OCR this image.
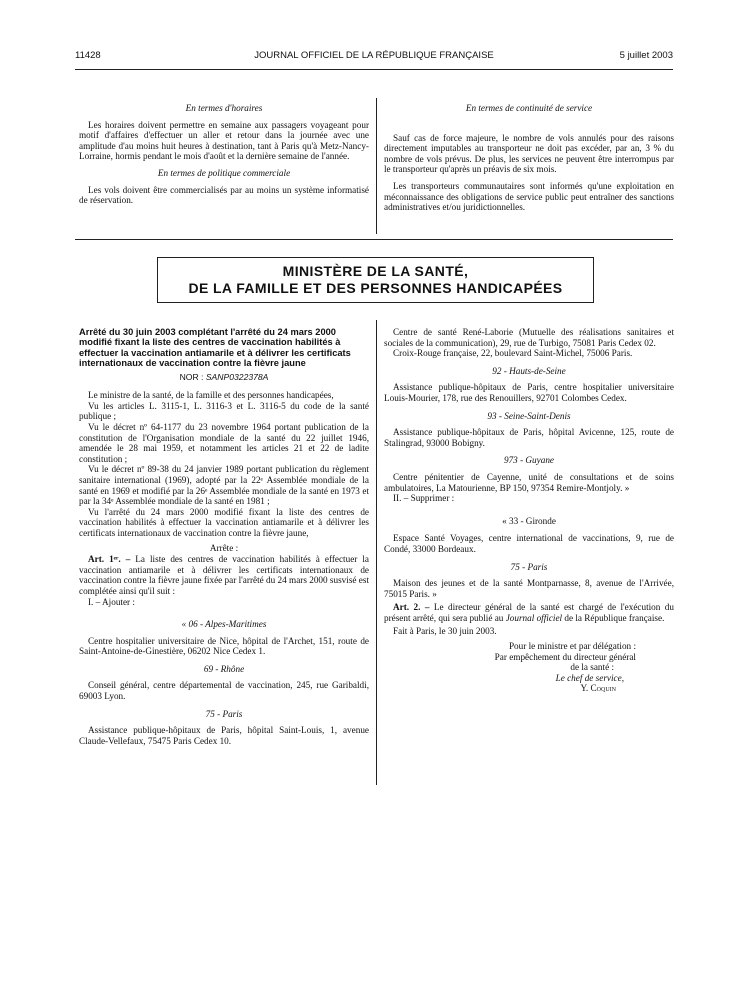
11428	JOURNAL OFFICIEL DE LA RÉPUBLIQUE FRANÇAISE	5 juillet 2003
En termes d'horaires

Les horaires doivent permettre en semaine aux passagers voyageant pour motif d'affaires d'effectuer un aller et retour dans la journée avec une amplitude d'au moins huit heures à destination, tant à Paris qu'à Metz-Nancy-Lorraine, hormis pendant le mois d'août et la dernière semaine de l'année.

En termes de politique commerciale

Les vols doivent être commercialisés par au moins un système informatisé de réservation.

En termes de continuité de service

Sauf cas de force majeure, le nombre de vols annulés pour des raisons directement imputables au transporteur ne doit pas excéder, par an, 3 % du nombre de vols prévus. De plus, les services ne peuvent être interrompus par le transporteur qu'après un préavis de six mois.

Les transporteurs communautaires sont informés qu'une exploitation en méconnaissance des obligations de service public peut entraîner des sanctions administratives et/ou juridictionnelles.

MINISTÈRE DE LA SANTÉ,
DE LA FAMILLE ET DES PERSONNES HANDICAPÉES
Arrêté du 30 juin 2003 complétant l'arrêté du 24 mars 2000 modifié fixant la liste des centres de vaccination habilités à effectuer la vaccination antiamarile et à délivrer les certificats internationaux de vaccination contre la fièvre jaune
NOR : SANP0322378A

Le ministre de la santé, de la famille et des personnes handicapées,

Vu les articles L. 3115-1, L. 3116-3 et L. 3116-5 du code de la santé publique ;

Vu le décret nº 64-1177 du 23 novembre 1964 portant publication de la constitution de l'Organisation mondiale de la santé du 22 juillet 1946, amendée le 28 mai 1959, et notamment les articles 21 et 22 de ladite constitution ;

Vu le décret nº 89-38 du 24 janvier 1989 portant publication du règlement sanitaire international (1969), adopté par la 22ᵉ Assemblée mondiale de la santé en 1969 et modifié par la 26ᵉ Assemblée mondiale de la santé en 1973 et par la 34ᵉ Assemblée mondiale de la santé en 1981 ;

Vu l'arrêté du 24 mars 2000 modifié fixant la liste des centres de vaccination habilités à effectuer la vaccination antiamarile et à délivrer les certificats internationaux de vaccination contre la fièvre jaune,

Arrête :

Art. 1ᵉʳ. – La liste des centres de vaccination habilités à effectuer la vaccination antiamarile et à délivrer les certificats internationaux de vaccination contre la fièvre jaune fixée par l'arrêté du 24 mars 2000 susvisé est complétée ainsi qu'il suit :

I. – Ajouter :

« 06 - Alpes-Maritimes

Centre hospitalier universitaire de Nice, hôpital de l'Archet, 151, route de Saint-Antoine-de-Ginestière, 06202 Nice Cedex 1.

69 - Rhône

Conseil général, centre départemental de vaccination, 245, rue Garibaldi, 69003 Lyon.

75 - Paris

Assistance publique-hôpitaux de Paris, hôpital Saint-Louis, 1, avenue Claude-Vellefaux, 75475 Paris Cedex 10.

Centre de santé René-Laborie (Mutuelle des réalisations sanitaires et sociales de la communication), 29, rue de Turbigo, 75081 Paris Cedex 02.

Croix-Rouge française, 22, boulevard Saint-Michel, 75006 Paris.

92 - Hauts-de-Seine

Assistance publique-hôpitaux de Paris, centre hospitalier universitaire Louis-Mourier, 178, rue des Renouillers, 92701 Colombes Cedex.

93 - Seine-Saint-Denis

Assistance publique-hôpitaux de Paris, hôpital Avicenne, 125, route de Stalingrad, 93000 Bobigny.

973 - Guyane

Centre pénitentier de Cayenne, unité de consultations et de soins ambulatoires, La Matourienne, BP 150, 97354 Remire-Montjoly. »

II. – Supprimer :

« 33 - Gironde

Espace Santé Voyages, centre international de vaccinations, 9, rue de Condé, 33000 Bordeaux.

75 - Paris

Maison des jeunes et de la santé Montparnasse, 8, avenue de l'Arrivée, 75015 Paris. »

Art. 2. – Le directeur général de la santé est chargé de l'exécution du présent arrêté, qui sera publié au Journal officiel de la République française.

Fait à Paris, le 30 juin 2003.

Pour le ministre et par délégation :
Par empêchement du directeur général
de la santé :
Le chef de service,
Y. Coquin
